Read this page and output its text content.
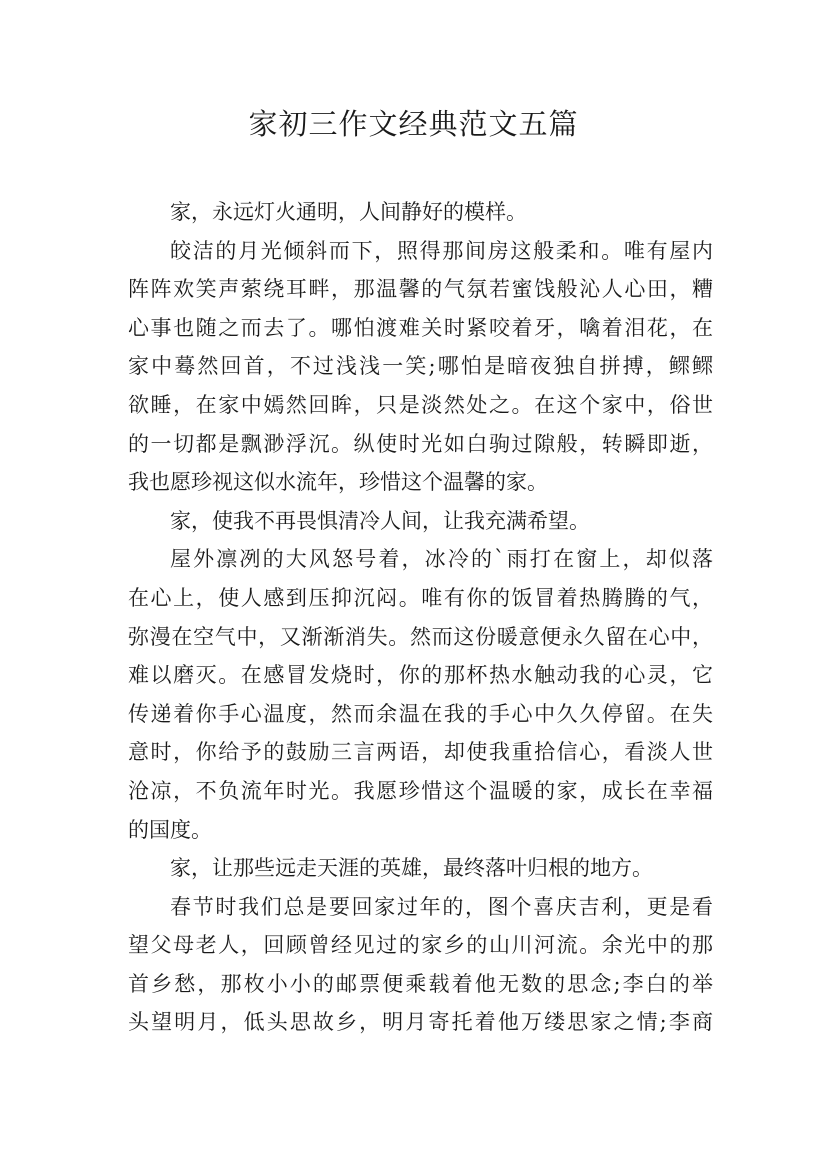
家初三作文经典范文五篇
家，永远灯火通明，人间静好的模样。
皎洁的月光倾斜而下，照得那间房这般柔和。唯有屋内
阵阵欢笑声萦绕耳畔，那温馨的气氛若蜜饯般沁人心田，糟
心事也随之而去了。哪怕渡难关时紧咬着牙，噙着泪花，在
家中蓦然回首，不过浅浅一笑;哪怕是暗夜独自拼搏，鳏鳏
欲睡，在家中嫣然回眸，只是淡然处之。在这个家中，俗世
的一切都是飘渺浮沉。纵使时光如白驹过隙般，转瞬即逝，
我也愿珍视这似水流年，珍惜这个温馨的家。
家，使我不再畏惧清冷人间，让我充满希望。
屋外凛冽的大风怒号着，冰冷的`雨打在窗上，却似落
在心上，使人感到压抑沉闷。唯有你的饭冒着热腾腾的气，
弥漫在空气中，又渐渐消失。然而这份暖意便永久留在心中，
难以磨灭。在感冒发烧时，你的那杯热水触动我的心灵，它
传递着你手心温度，然而余温在我的手心中久久停留。在失
意时，你给予的鼓励三言两语，却使我重拾信心，看淡人世
沧凉，不负流年时光。我愿珍惜这个温暖的家，成长在幸福
的国度。
家，让那些远走天涯的英雄，最终落叶归根的地方。
春节时我们总是要回家过年的，图个喜庆吉利，更是看
望父母老人，回顾曾经见过的家乡的山川河流。余光中的那
首乡愁，那枚小小的邮票便乘载着他无数的思念;李白的举
头望明月，低头思故乡，明月寄托着他万缕思家之情;李商
